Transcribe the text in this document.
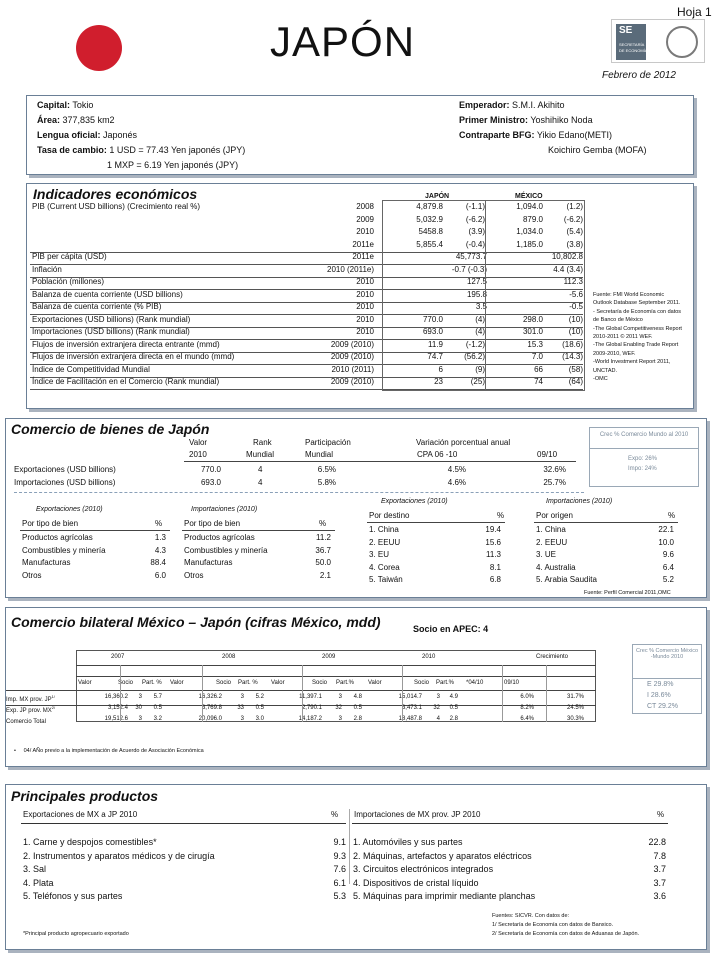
JAPÓN
Hoja 1
SE
SECRETARÍA
DE ECONOMÍA
Febrero de 2012
Capital: Tokio
Área: 377,835 km2
Lengua oficial: Japonés
Tasa de cambio: 1 USD = 77.43 Yen japonés (JPY)
1 MXP = 6.19 Yen japonés (JPY)
Emperador: S.M.I. Akihito
Primer Ministro: Yoshihiko Noda
Contraparte BFG: Yikio Edano(METI)
Koichiro Gemba (MOFA)
Indicadores económicos	JAPÓN	MÉXICO
PIB (Current USD billions) (Crecimiento real %)	2008	4,879.8	(-1.1)	1,094.0	(1.2)
2009	5,032.9	(-6.2)	879.0	(-6.2)
2010	5458.8	(3.9)	1,034.0	(5.4)
2011e	5,855.4	(-0.4)	1,185.0	(3.8)
PIB per cápita (USD)	2011e	45,773.7	10,802.8
Inflación	2010 (2011e)	-0.7 (-0.3)	4.4 (3.4)
Población (millones)	2010	127.5	112.3
Balanza de cuenta corriente (USD billions)	2010	195.8	-5.6
Balanza de cuenta corriente (% PIB)	2010	3.5	-0.5
Exportaciones (USD billions) (Rank mundial)	2010	770.0	(4)	298.0	(10)
Importaciones (USD billions) (Rank mundial)	2010	693.0	(4)	301.0	(10)
Flujos de inversión extranjera directa entrante (mmd)	2009 (2010)	11.9	(-1.2)	15.3	(18.6)
Flujos de inversión extranjera directa en el mundo (mmd)	2009 (2010)	74.7	(56.2)	7.0	(14.3)
Índice de Competitividad Mundial	2010 (2011)	6	(9)	66	(58)
Índice de Facilitación en el Comercio (Rank mundial)	2009 (2010)	23	(25)	74	(64)
Fuente: FMI World Economic
Outlook Database September 2011.
- Secretaría de Economía con datos
de Banco de México
-The Global Competitiveness Report
2010-2011 © 2011 WEF.
-The Global Enabling Trade Report
2009-2010, WEF.
-World Investment Report 2011,
UNCTAD.
-OMC
Comercio de bienes de Japón
Valor	Rank	Participación	Variación porcentual anual
2010	Mundial	Mundial	CPA 06 -10	09/10
Exportaciones (USD billions)	770.0	4	6.5%	4.5%	32.6%
Importaciones (USD billions)	693.0	4	5.8%	4.6%	25.7%
Crec % Comercio Mundo al 2010
Expo: 26%
Impo: 24%
Exportaciones (2010)	Importaciones (2010)
Exportaciones (2010)	Importaciones (2010)
Por tipo de bien	%
Productos agrícolas	1.3
Combustibles y minería	4.3
Manufacturas	88.4
Otros	6.0
Por tipo de bien	%
Productos agrícolas	11.2
Combustibles y minería	36.7
Manufacturas	50.0
Otros	2.1
Por destino	%
1. China	19.4
2. EEUU	15.6
3. EU	11.3
4. Corea	8.1
5. Taiwán	6.8
Por origen	%
1. China	22.1
2. EEUU	10.0
3. UE	9.6
4. Australia	6.4
5. Arabia Saudita	5.2
Fuente: Perfil Comercial 2011,OMC
Comercio bilateral México – Japón (cifras México, mdd)	Socio en APEC: 4
2007	2008	2009	2010	Crecimiento
Valor	Socio Part. % Valor	Socio Part. % Valor	Socio Part.% Valor	Socio Part.% *04/10	09/10
Imp. MX prov. $JP^{1/}$	16,360.2	3	5.7	16,326.2	3	5.2	11,397.1	3	4.8	15,014.7	3	4.9	6.0%	31.7%
Exp. JP prov. $MX^{2/}$	3,152.4	30	0.5	3,769.8	33	0.5	2,790.1	32	0.5	3,473.1	32	0.5	8.2%	24.5%
Comercio Total	19,512.6	3	3.2	20,096.0	3	3.0	14,187.2	3	2.8	18,487.8	4	2.8	6.4%	30.3%
Crec % Comercio México -Mundo 2010
E 29.8%
I 28.6%
CT 29.2%
•     04/ AÑo previo a la implementación de Acuerdo de Asociación Económica
Principales productos
Exportaciones de MX a JP 2010	% Importaciones de MX prov. JP 2010	%
1. Carne y despojos comestibles*	9.1
2. Instrumentos y aparatos médicos y de cirugía	9.3
3. Sal	7.6
4. Plata	6.1
5. Teléfonos y sus partes	5.3
1. Automóviles y sus partes	22.8
2. Máquinas, artefactos y aparatos eléctricos	7.8
3. Circuitos electrónicos integrados	3.7
4. Dispositivos de cristal líquido	3.7
5. Máquinas para imprimir mediante planchas	3.6
*Principal producto agropecuario exportado
Fuentes: SICVR. Con datos de:
1/ Secretaría de Economía con datos de Banxico.
2/ Secretaría de Economía con datos de Aduanas de Japón.
